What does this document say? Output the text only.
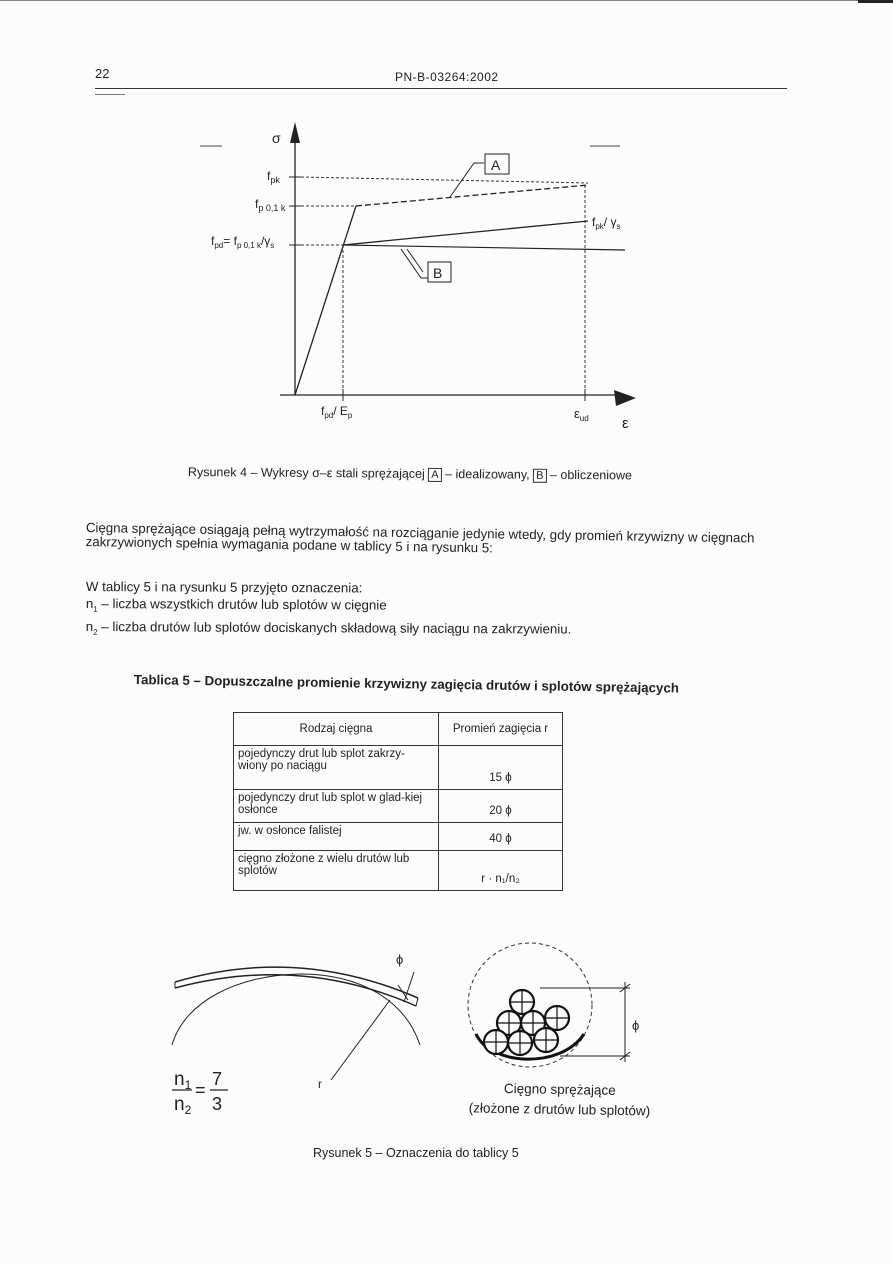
22	PN-B-03264:2002
A
B
σ
ε
$f_{pk}$
$f_{p 0,1 k}$
$f_{pd}= f_{p 0,1 k}/\gamma_s$
$f_{pk}/$ $\gamma_s$
$f_{pd}/$ $E_p$	$\varepsilon_{ud}$
Rysunek 4 – Wykresy σ–ε stali sprężającej A – idealizowany, B – obliczeniowe
Cięgna sprężające osiągają pełną wytrzymałość na rozciąganie jedynie wtedy, gdy promień krzywizny w cięgnach zakrzywionych spełnia wymagania podane w tablicy 5 i na rysunku 5:
W tablicy 5 i na rysunku 5 przyjęto oznaczenia:
$n_1$ – liczba wszystkich drutów lub splotów w cięgnie
$n_2$ – liczba drutów lub splotów dociskanych składową siły naciągu na zakrzywieniu.
Tablica 5 – Dopuszczalne promienie krzywizny zagięcia drutów i splotów sprężających
Rodzaj cięgna	Promień zagięcia r
pojedynczy drut lub splot zakrzy-wiony po naciągu	15 ϕ
pojedynczy drut lub splot w glad-kiej osłonce	20 ϕ
jw. w osłonce falistej	40 ϕ
cięgno złożone z wielu drutów lub splotów	r · n₁/n₂
ϕ
r
$n_1$
$n_2$
=
7
3
ϕ
Cięgno sprężające
(złożone z drutów lub splotów)
Rysunek 5 – Oznaczenia do tablicy 5
